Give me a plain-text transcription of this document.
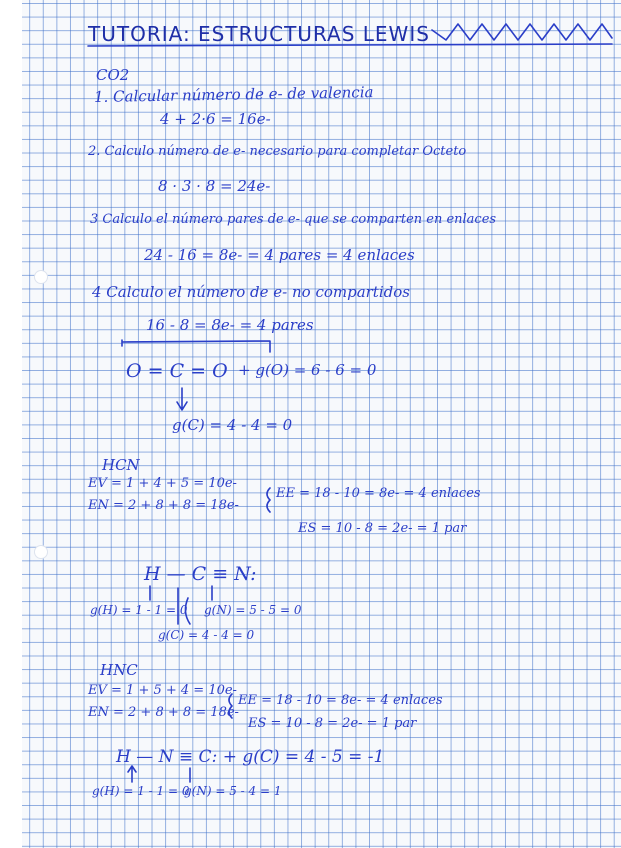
TUTORIA: ESTRUCTURAS LEWIS
CO2
1. Calcular número de e- de valencia
4 + 2·6 = 16e-
2. Calculo número de e- necesario para completar Octeto
8 · 3 · 8 = 24e-
3 Calculo el número pares de e- que se comparten en enlaces
24 - 16 = 8e- = 4 pares = 4 enlaces
4 Calculo el número de e- no compartidos
16 - 8 = 8e- = 4 pares
O = C = O + g(O) = 6 - 6 = 0
g(C) = 4 - 4 = 0
HCN
EV = 1 + 4 + 5 = 10e-
EN = 2 + 8 + 8 = 18e-
EE = 18 - 10 = 8e- = 4 enlaces
ES = 10 - 8 = 2e- = 1 par
H — C ≡ N:
g(H) = 1 - 1 = 0 g(N) = 5 - 5 = 0
g(C) = 4 - 4 = 0
HNC
EV = 1 + 5 + 4 = 10e-
EN = 2 + 8 + 8 = 18e-
EE = 18 - 10 = 8e- = 4 enlaces
ES = 10 - 8 = 2e- = 1 par
H — N ≡ C: + g(C) = 4 - 5 = -1
g(H) = 1 - 1 = 0
g(N) = 5 - 4 = 1
